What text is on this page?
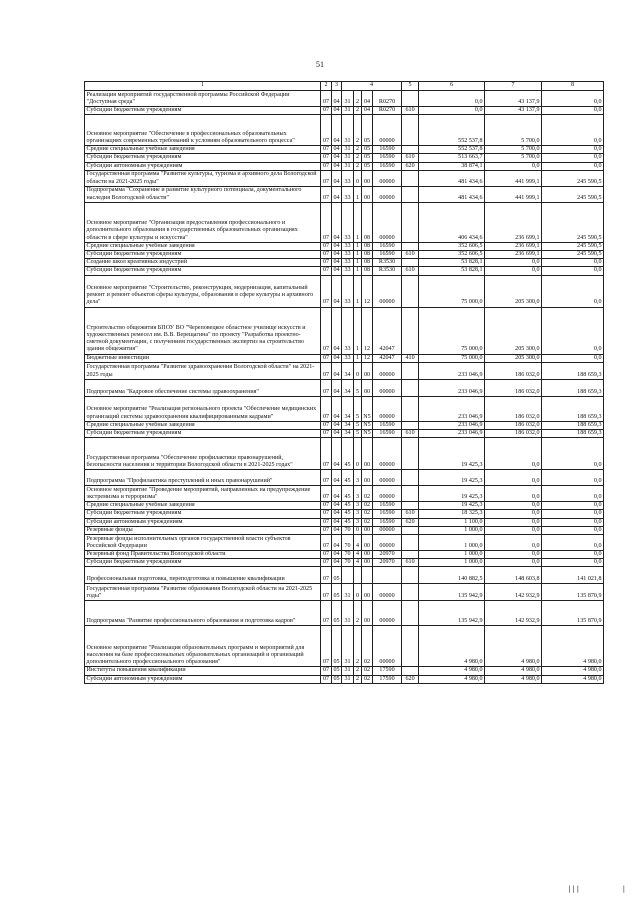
51
1	2	3	4				5	6	7	8
Реализация мероприятий государственной программы Российской Федерации "Доступная среда"	07	04	31	2	04	R0270		0,0	43 137,9	0,0
Субсидии бюджетным учреждениям	07	04	31	2	04	R0270	610	0,0	43 137,9	0,0
Основное мероприятие "Обеспечение в профессиональных образовательных организациях современных требований к условиям образовательного процесса"	07	04	31	2	05	00000		552 537,8	5 700,0	0,0
Средние специальные учебные заведения	07	04	31	2	05	16590		552 537,8	5 700,0	0,0
Субсидии бюджетным учреждениям	07	04	31	2	05	16590	610	513 663,7	5 700,0	0,0
Субсидии автономным учреждениям	07	04	31	2	05	16590	620	38 874,1	0,0	0,0
Государственная программа "Развитие культуры, туризма и архивного дела Вологодской области на 2021-2025 годы"	07	04	33	0	00	00000		481 434,6	441 999,1	245 590,5
Подпрограмма "Сохранение и развитие культурного потенциала, документального наследия Вологодской области"	07	04	33	1	00	00000		481 434,6	441 999,1	245 590,5
Основное мероприятие "Организация предоставления профессионального и дополнительного образования в государственных образовательных организациях области в сфере культуры и искусства"	07	04	33	1	08	00000		406 434,6	236 699,1	245 590,5
Средние специальные учебные заведения	07	04	33	1	08	16590		352 606,5	236 699,1	245 590,5
Субсидии бюджетным учреждениям	07	04	33	1	08	16590	610	352 606,5	236 699,1	245 590,5
Создание школ креативных индустрий	07	04	33	1	08	R3530		53 828,1	0,0	0,0
Субсидии бюджетным учреждениям	07	04	33	1	08	R3530	610	53 828,1	0,0	0,0
Основное мероприятие "Строительство, реконструкция, модернизация, капитальный ремонт и ремонт объектов сферы культуры, образования в сфере культуры и архивного дела"	07	04	33	1	12	00000		75 000,0	205 300,0	0,0
Строительство общежития БПОУ ВО "Череповецкое областное училище искусств и художественных ремесел им. В.В. Верещагина" по проекту "Разработка проектно-сметной документации, с получением государственных экспертиз на строительство здания общежития"	07	04	33	1	12	42047		75 000,0	205 300,0	0,0
Бюджетные инвестиции	07	04	33	1	12	42047	410	75 000,0	205 300,0	0,0
Государственная программа "Развитие здравоохранения Вологодской области" на 2021-2025 годы	07	04	34	0	00	00000		233 046,9	186 032,0	188 659,3
Подпрограмма "Кадровое обеспечение системы здравоохранения"	07	04	34	5	00	00000		233 046,9	186 032,0	188 659,3
Основное мероприятие "Реализация регионального проекта "Обеспечение медицинских организаций системы здравоохранения квалифицированными кадрами"	07	04	34	5	N5	00000		233 046,9	186 032,0	188 659,3
Средние специальные учебные заведения	07	04	34	5	N5	16590		233 046,9	186 032,0	188 659,3
Субсидии бюджетным учреждениям	07	04	34	5	N5	16590	610	233 046,9	186 032,0	188 659,3
Государственная программа "Обеспечение профилактики правонарушений, безопасности населения и территории Вологодской области в 2021-2025 годах"	07	04	45	0	00	00000		19 425,3	0,0	0,0
Подпрограмма "Профилактика преступлений и иных правонарушений"	07	04	45	3	00	00000		19 425,3	0,0	0,0
Основное мероприятие "Проведение мероприятий, направленных на предупреждение экстремизма и терроризма"	07	04	45	3	02	00000		19 425,3	0,0	0,0
Средние специальные учебные заведения	07	04	45	3	02	16590		19 425,3	0,0	0,0
Субсидии бюджетным учреждениям	07	04	45	3	02	16590	610	18 325,3	0,0	0,0
Субсидии автономным учреждениям	07	04	45	3	02	16590	620	1 100,0	0,0	0,0
Резервные фонды	07	04	70	0	00	00000		1 000,0	0,0	0,0
Резервные фонды исполнительных органов государственной власти субъектов Российской Федерации	07	04	70	4	00	00000		1 000,0	0,0	0,0
Резервный фонд Правительства Вологодской области	07	04	70	4	00	20970		1 000,0	0,0	0,0
Субсидии бюджетным учреждениям	07	04	70	4	00	20970	610	1 000,0	0,0	0,0
Профессиональная подготовка, переподготовка и повышение квалификации	07	05						140 882,5	148 603,8	141 021,8
Государственная программа "Развитие образования Вологодской области на 2021-2025 годы"	07	05	31	0	00	00000		135 942,9	142 932,9	135 870,9
Подпрограмма "Развитие профессионального образования и подготовка кадров"	07	05	31	2	00	00000		135 942,9	142 932,9	135 870,9
Основное мероприятие "Реализация образовательных программ и мероприятий для населения на базе профессиональных образовательных организаций и организаций дополнительного профессионального образования"	07	05	31	2	02	00000		4 980,0	4 980,0	4 980,0
Институты повышения квалификации	07	05	31	2	02	17590		4 980,0	4 980,0	4 980,0
Субсидии автономным учреждениям	07	05	31	2	02	17590	620	4 980,0	4 980,0	4 980,0
|||	|
